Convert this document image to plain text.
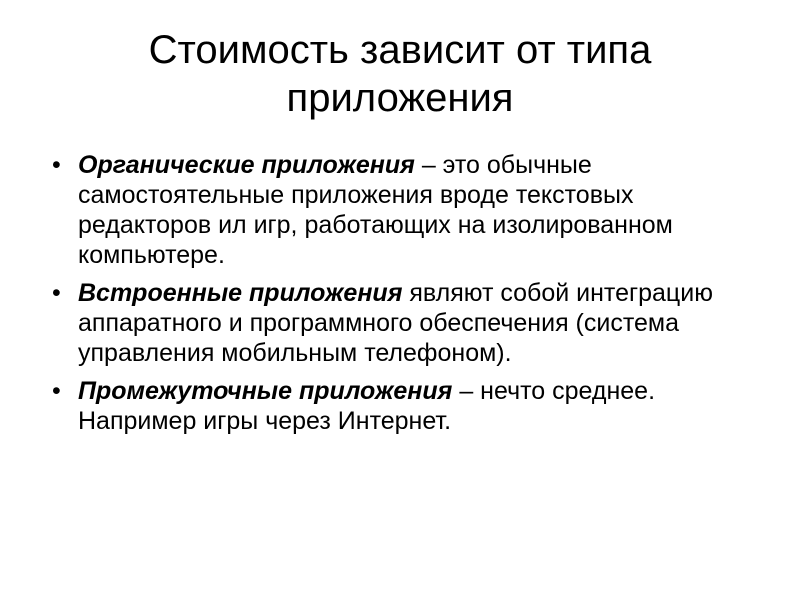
Стоимость зависит от типа
приложения
• Органические приложения – это обычные самостоятельные приложения вроде текстовых редакторов ил игр, работающих на изолированном компьютере.
• Встроенные приложения являют собой интеграцию аппаратного и программного обеспечения (система управления мобильным телефоном).
• Промежуточные приложения – нечто среднее. Например игры через Интернет.
